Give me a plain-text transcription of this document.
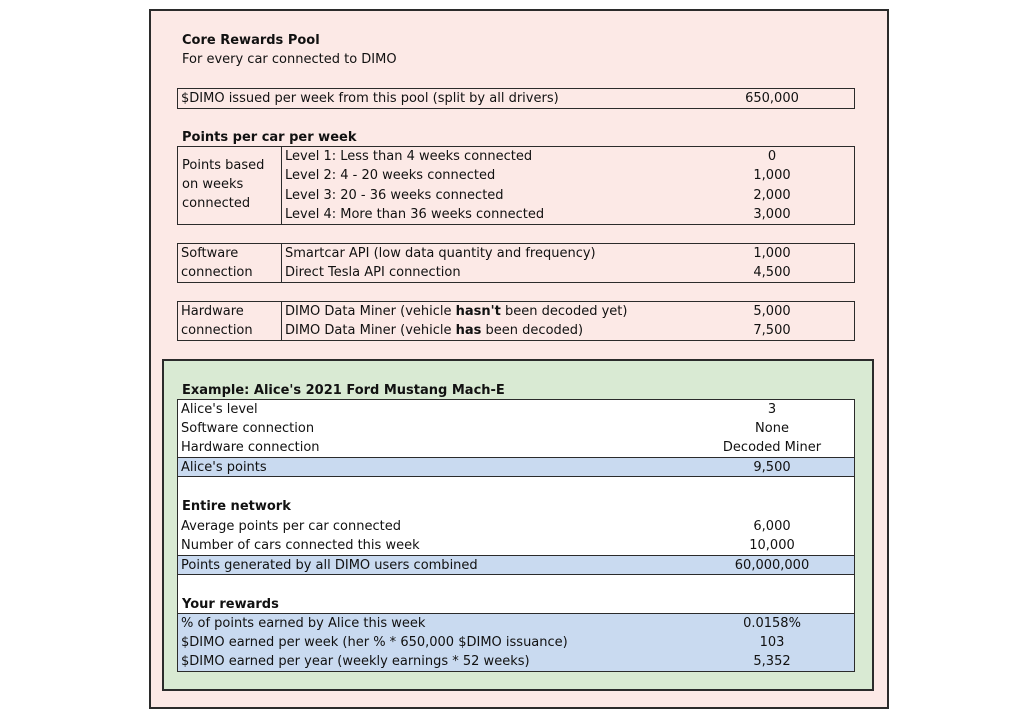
Core Rewards Pool
For every car connected to DIMO
$DIMO issued per week from this pool (split by all drivers)	650,000
Points per car per week
Points based
on weeks
connected
Level 1: Less than 4 weeks connected	0
Level 2: 4 - 20 weeks connected	1,000
Level 3: 20 - 36 weeks connected	2,000
Level 4: More than 36 weeks connected	3,000
Software
connection
Smartcar API (low data quantity and frequency)	1,000
Direct Tesla API connection	4,500
Hardware
connection
DIMO Data Miner (vehicle hasn't been decoded yet)	5,000
DIMO Data Miner (vehicle has been decoded)	7,500
Example: Alice's 2021 Ford Mustang Mach-E
Alice's level	3
Software connection	None
Hardware connection	Decoded Miner
Alice's points	9,500
Entire network
Average points per car connected	6,000
Number of cars connected this week	10,000
Points generated by all DIMO users combined	60,000,000
Your rewards
% of points earned by Alice this week	0.0158%
$DIMO earned per week (her % * 650,000 $DIMO issuance)	103
$DIMO earned per year (weekly earnings * 52 weeks)	5,352
